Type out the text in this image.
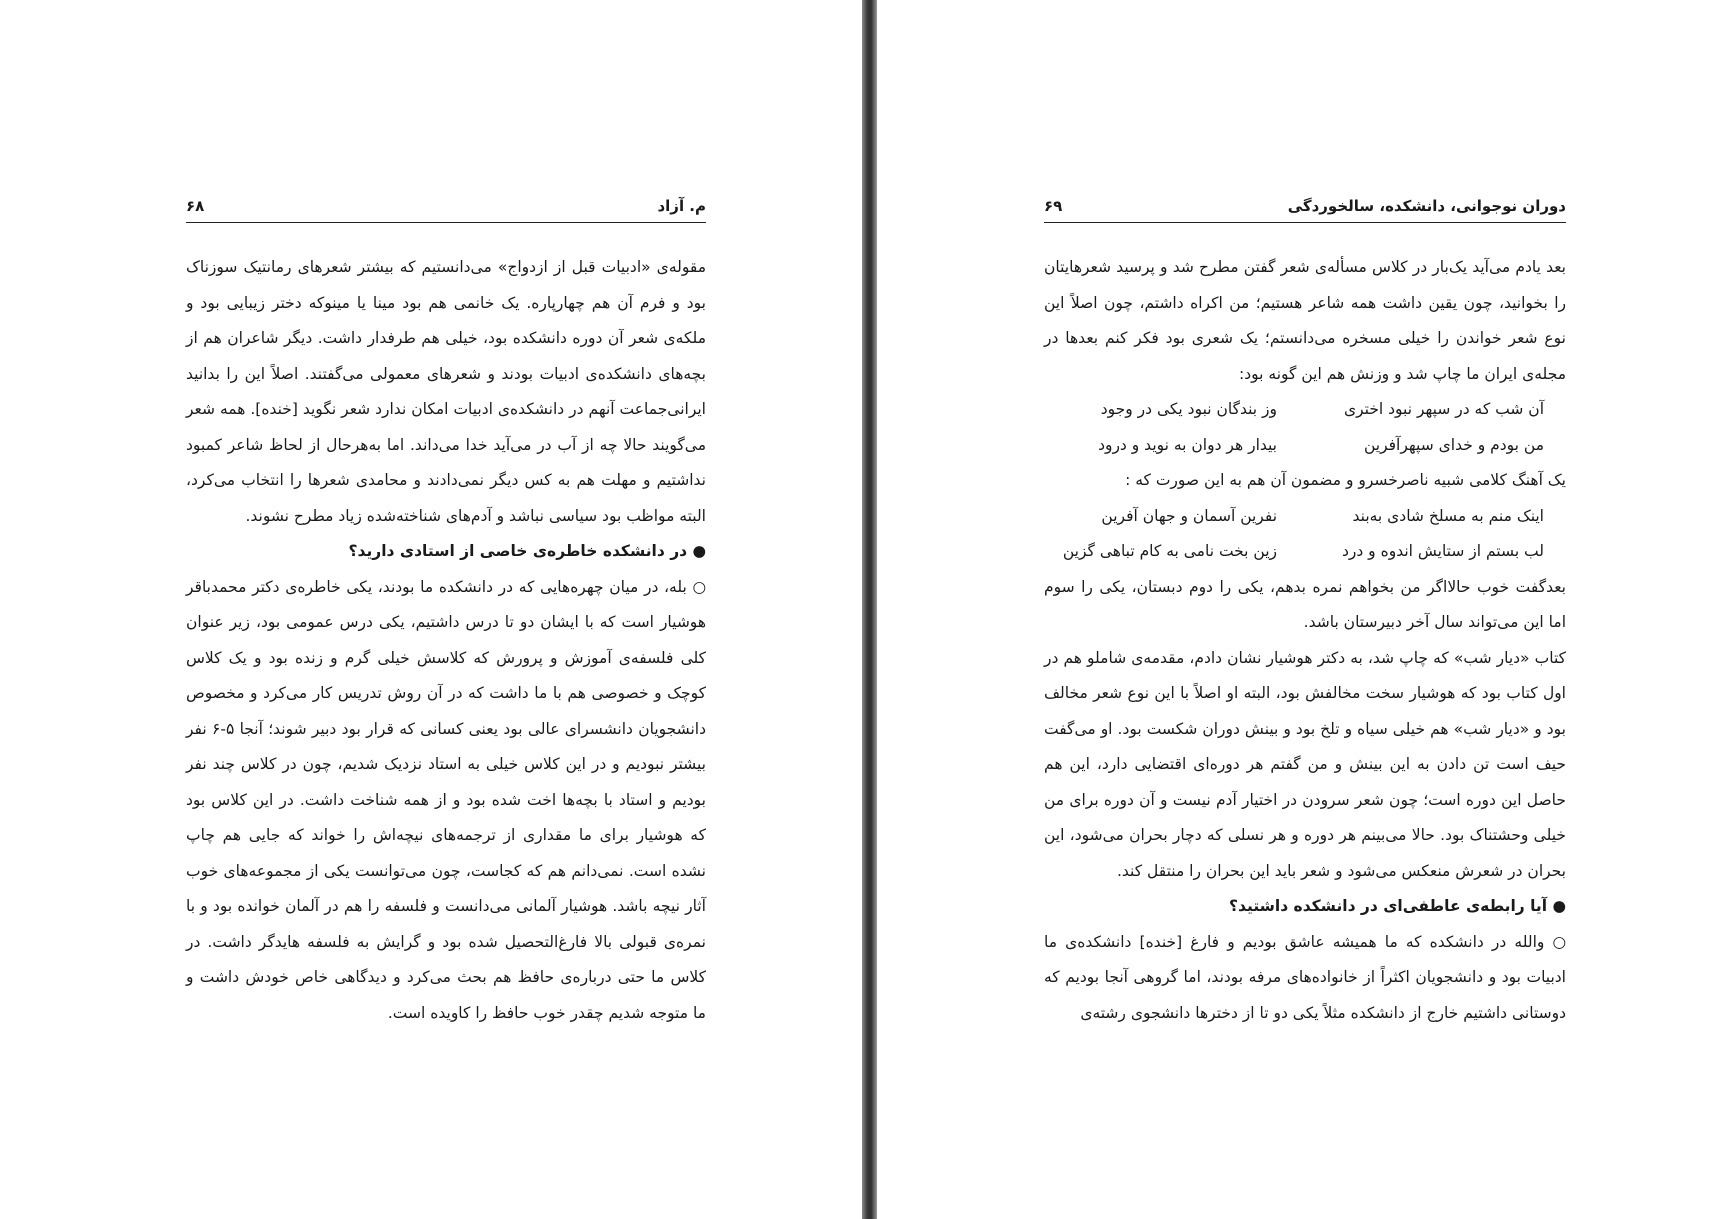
م. آزاد
۶۸

مقوله‌ی «ادبیات قبل از ازدواج» می‌دانستیم که بیشتر شعرهای رمانتیک سوزناک بود و فرم آن هم چهارپاره. یک خانمی هم بود مینا یا مینوکه دختر زیبایی بود و ملکه‌ی شعر آن دوره دانشکده بود، خیلی هم طرفدار داشت. دیگر شاعران هم از بچه‌های دانشکده‌ی ادبیات بودند و شعرهای معمولی می‌گفتند. اصلاً این را بدانید ایرانی‌جماعت آنهم در دانشکده‌ی ادبیات امکان ندارد شعر نگوید [خنده]. همه شعر می‌گویند حالا چه از آب در می‌آید خدا می‌داند. اما به‌هرحال از لحاظ شاعر کمبود نداشتیم و مهلت هم به کس دیگر نمی‌دادند و محامدی شعرها را انتخاب می‌کرد، البته مواظب بود سیاسی نباشد و آدم‌های شناخته‌شده زیاد مطرح نشوند.

● در دانشکده خاطره‌ی خاصی از استادی دارید؟

○ بله، در میان چهره‌هایی که در دانشکده ما بودند، یکی خاطره‌ی دکتر محمدباقر هوشیار است که با ایشان دو تا درس داشتیم، یکی درس عمومی بود، زیر عنوان کلی فلسفه‌ی آموزش و پرورش که کلاسش خیلی گرم و زنده بود و یک کلاس کوچک و خصوصی هم با ما داشت که در آن روش تدریس کار می‌کرد و مخصوص دانشجویان دانشسرای عالی بود یعنی کسانی که قرار بود دبیر شوند؛ آنجا ۵-۶ نفر بیشتر نبودیم و در این کلاس خیلی به استاد نزدیک شدیم، چون در کلاس چند نفر بودیم و استاد با بچه‌ها اخت شده بود و از همه شناخت داشت. در این کلاس بود که هوشیار برای ما مقداری از ترجمه‌های نیچه‌اش را خواند که جایی هم چاپ نشده است. نمی‌دانم هم که کجاست، چون می‌توانست یکی از مجموعه‌های خوب آثار نیچه باشد. هوشیار آلمانی می‌دانست و فلسفه را هم در آلمان خوانده بود و با نمره‌ی قبولی بالا فارغ‌التحصیل شده بود و گرایش به فلسفه هایدگر داشت. در کلاس ما حتی درباره‌ی حافظ هم بحث می‌کرد و دیدگاهی خاص خودش داشت و ما متوجه شدیم چقدر خوب حافظ را کاویده است.

دوران نوجوانی، دانشکده، سالخوردگی
۶۹

بعد یادم می‌آید یک‌بار در کلاس مسأله‌ی شعر گفتن مطرح شد و پرسید شعرهایتان را بخوانید، چون یقین داشت همه شاعر هستیم؛ من اکراه داشتم، چون اصلاً این نوع شعر خواندن را خیلی مسخره می‌دانستم؛ یک شعری بود فکر کنم بعدها در مجله‌ی ایران ما چاپ شد و وزنش هم این گونه بود:

آن شب که در سپهر نبود اختری
وز بندگان نبود یکی در وجود
من بودم و خدای سپهرآفرین
بیدار هر دوان به نوید و درود

یک آهنگ کلامی شبیه ناصرخسرو و مضمون آن هم به این صورت که :

اینک منم به مسلخ شادی به‌بند
نفرین آسمان و جهان آفرین
لب بستم از ستایش اندوه و درد
زین بخت نامی به کام تباهی گزین

بعدگفت خوب حالااگر من بخواهم نمره بدهم، یکی را دوم دبستان، یکی را سوم اما این می‌تواند سال آخر دبیرستان باشد.

کتاب «دیار شب» که چاپ شد، به دکتر هوشیار نشان دادم، مقدمه‌ی شاملو هم در اول کتاب بود که هوشیار سخت مخالفش بود، البته او اصلاً با این نوع شعر مخالف بود و «دیار شب» هم خیلی سیاه و تلخ بود و بینش دوران شکست بود. او می‌گفت حیف است تن دادن به این بینش و من گفتم هر دوره‌ای اقتضایی دارد، این هم حاصل این دوره است؛ چون شعر سرودن در اختیار آدم نیست و آن دوره برای من خیلی وحشتناک بود. حالا می‌بینم هر دوره و هر نسلی که دچار بحران می‌شود، این بحران در شعرش منعکس می‌شود و شعر باید این بحران را منتقل کند.

● آیا رابطه‌ی عاطفی‌ای در دانشکده داشتید؟

○ والله در دانشکده که ما همیشه عاشق بودیم و فارغ [خنده] دانشکده‌ی ما ادبیات بود و دانشجویان اکثراً از خانواده‌های مرفه بودند، اما گروهی آنجا بودیم که دوستانی داشتیم خارج از دانشکده مثلاً یکی دو تا از دخترها دانشجوی رشته‌ی
